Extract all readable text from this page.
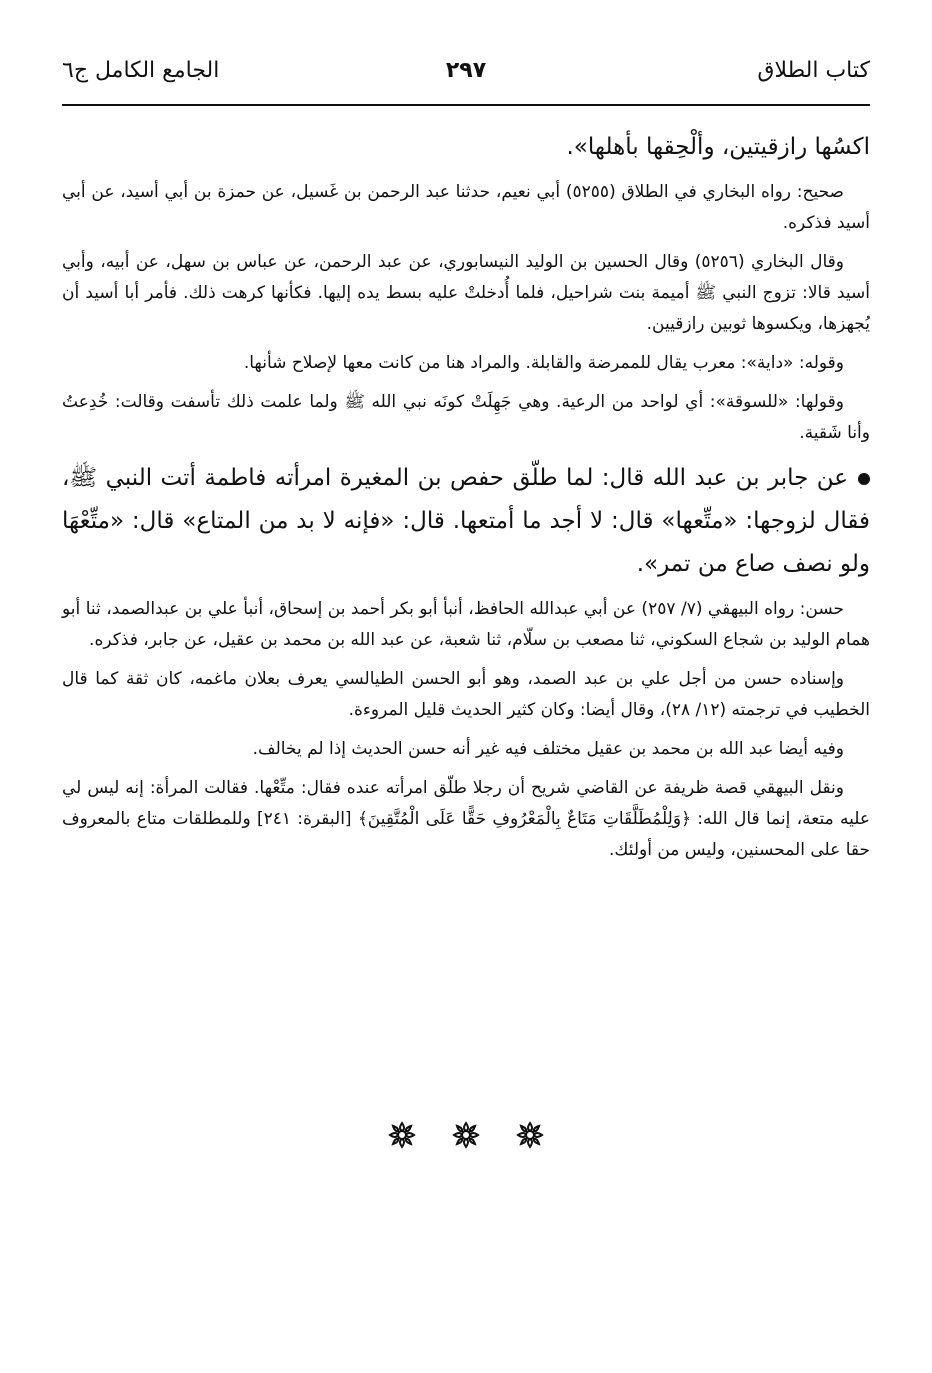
كتاب الطلاق
٢٩٧
الجامع الكامل ج٦

اكسُها رازقيتين، وألْحِقها بأهلها».

صحيح: رواه البخاري في الطلاق (٥٢٥٥) أبي نعيم، حدثنا عبد الرحمن بن غَسيل، عن حمزة بن أبي أسيد، عن أبي أسيد فذكره.

وقال البخاري (٥٢٥٦) وقال الحسين بن الوليد النيسابوري، عن عبد الرحمن، عن عباس بن سهل، عن أبيه، وأبي أسيد قالا: تزوج النبي ﷺ أميمة بنت شراحيل، فلما أُدخلتْ عليه بسط يده إليها. فكأنها كرهت ذلك. فأمر أبا أسيد أن يُجهزها، ويكسوها ثوبين رازقيين.

وقوله: «داية»: معرب يقال للممرضة والقابلة. والمراد هنا من كانت معها لإصلاح شأنها.

وقولها: «للسوقة»: أي لواحد من الرعية. وهي جَهِلَتْ كونَه نبي الله ﷺ ولما علمت ذلك تأسفت وقالت: خُدِعتُ وأنا شَقية.

عن جابر بن عبد الله قال: لما طلّق حفص بن المغيرة امرأته فاطمة أتت النبي ﷺ، فقال لزوجها: «متِّعها» قال: لا أجد ما أمتعها. قال: «فإنه لا بد من المتاع» قال: «متِّعْهَا ولو نصف صاع من تمر».

حسن: رواه البيهقي (٧/ ٢٥٧) عن أبي عبدالله الحافظ، أنبأ أبو بكر أحمد بن إسحاق، أنبأ علي بن عبدالصمد، ثنا أبو همام الوليد بن شجاع السكوني، ثنا مصعب بن سلّام، ثنا شعبة، عن عبد الله بن محمد بن عقيل، عن جابر، فذكره.

وإسناده حسن من أجل علي بن عبد الصمد، وهو أبو الحسن الطيالسي يعرف بعلان ماغمه، كان ثقة كما قال الخطيب في ترجمته (١٢/ ٢٨)، وقال أيضا: وكان كثير الحديث قليل المروءة.

وفيه أيضا عبد الله بن محمد بن عقيل مختلف فيه غير أنه حسن الحديث إذا لم يخالف.

ونقل البيهقي قصة ظريفة عن القاضي شريح أن رجلا طلّق امرأته عنده فقال: متِّعْها. فقالت المرأة: إنه ليس لي عليه متعة، إنما قال الله: ﴿وَلِلْمُطَلَّقَاتِ مَتَاعٌ بِالْمَعْرُوفِ حَقًّا عَلَى الْمُتَّقِينَ﴾ [البقرة: ٢٤١] وللمطلقات متاع بالمعروف حقا على المحسنين، وليس من أولئك.
